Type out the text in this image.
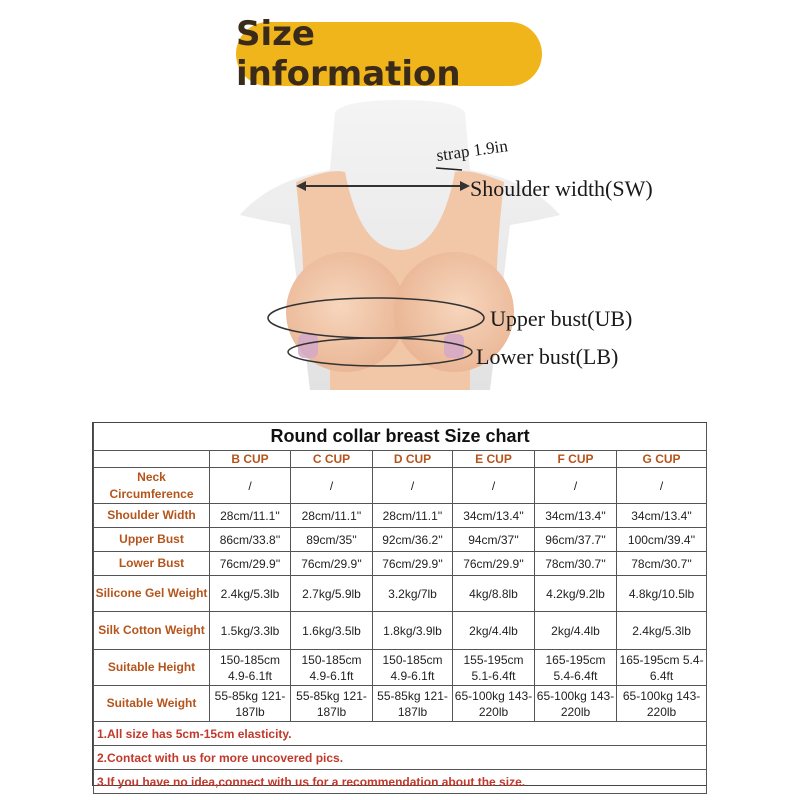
Size information
strap 1.9in
Shoulder width(SW)
Upper bust(UB)
Lower bust(LB)
Round collar breast Size chart						
	B CUP	C CUP	D CUP	E CUP	F CUP	G CUP
Neck Circumference	/	/	/	/	/	/
Shoulder Width	28cm/11.1''	28cm/11.1''	28cm/11.1''	34cm/13.4''	34cm/13.4''	34cm/13.4''
Upper Bust	86cm/33.8''	89cm/35''	92cm/36.2''	94cm/37''	96cm/37.7''	100cm/39.4''
Lower Bust	76cm/29.9''	76cm/29.9''	76cm/29.9''	76cm/29.9''	78cm/30.7''	78cm/30.7''
Silicone Gel Weight	2.4kg/5.3lb	2.7kg/5.9lb	3.2kg/7lb	4kg/8.8lb	4.2kg/9.2lb	4.8kg/10.5lb
Silk Cotton Weight	1.5kg/3.3lb	1.6kg/3.5lb	1.8kg/3.9lb	2kg/4.4lb	2kg/4.4lb	2.4kg/5.3lb
Suitable Height	150-185cm 4.9-6.1ft	150-185cm 4.9-6.1ft	150-185cm 4.9-6.1ft	155-195cm 5.1-6.4ft	165-195cm 5.4-6.4ft	165-195cm 5.4-6.4ft
Suitable Weight	55-85kg 121-187lb	55-85kg 121-187lb	55-85kg 121-187lb	65-100kg 143-220lb	65-100kg 143-220lb	65-100kg 143-220lb
1.All size has 5cm-15cm elasticity.						
2.Contact with us for more uncovered pics.						
3.If you have no idea,connect with us for a recommendation about the size.						
